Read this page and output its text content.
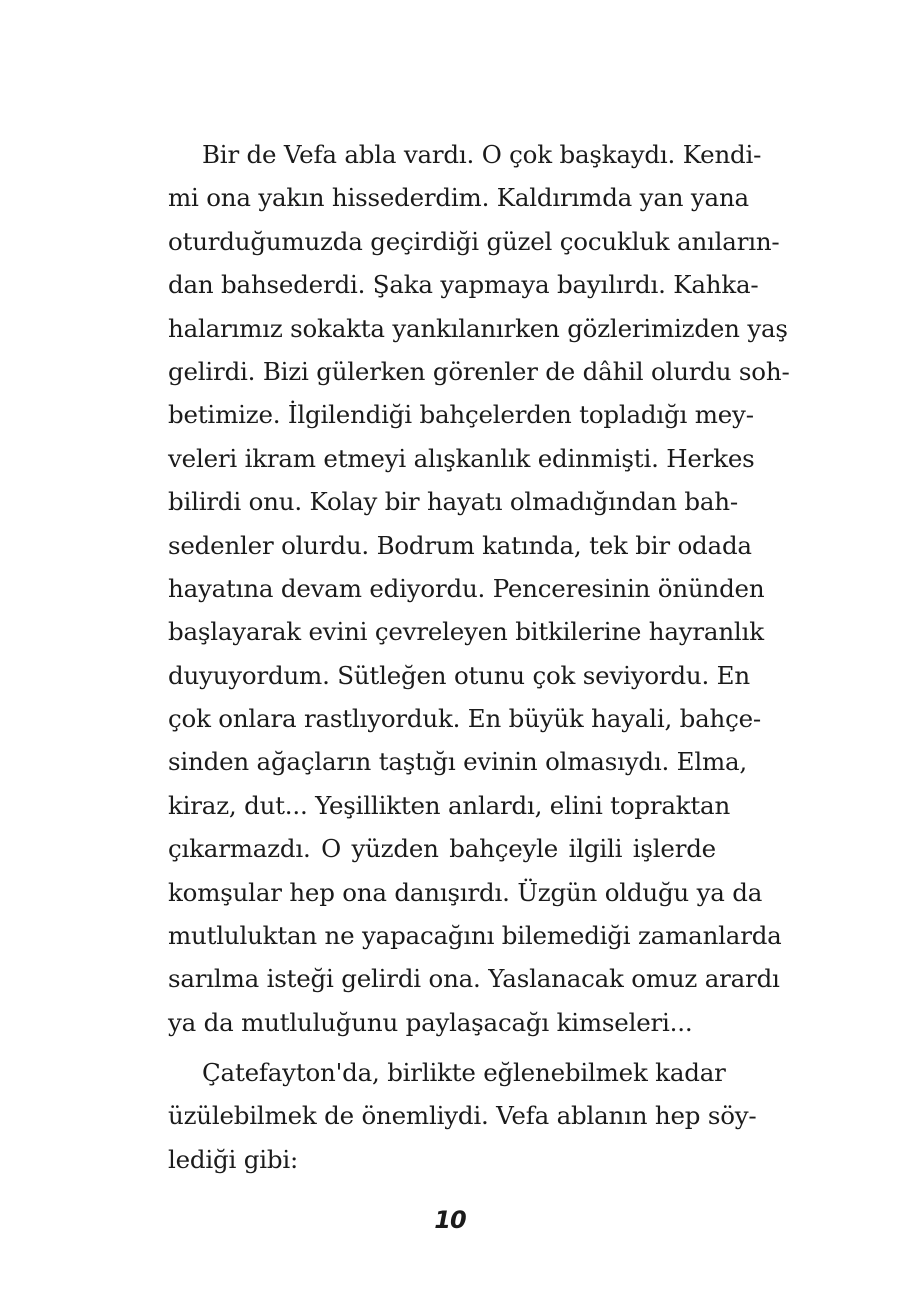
Bir de Vefa abla vardı. O çok başkaydı. Kendi-
mi ona yakın hissederdim. Kaldırımda yan yana
oturduğumuzda geçirdiği güzel çocukluk anıların-
dan bahsederdi. Şaka yapmaya bayılırdı. Kahka-
halarımız sokakta yankılanırken gözlerimizden yaş
gelirdi. Bizi gülerken görenler de dâhil olurdu soh-
betimize. İlgilendiği bahçelerden topladığı mey-
veleri ikram etmeyi alışkanlık edinmişti. Herkes
bilirdi onu. Kolay bir hayatı olmadığından bah-
sedenler olurdu. Bodrum katında, tek bir odada
hayatına devam ediyordu. Penceresinin önünden
başlayarak evini çevreleyen bitkilerine hayranlık
duyuyordum. Sütleğen otunu çok seviyordu. En
çok onlara rastlıyorduk. En büyük hayali, bahçe-
sinden ağaçların taştığı evinin olmasıydı. Elma,
kiraz, dut... Yeşillikten anlardı, elini topraktan
çıkarmazdı. O yüzden bahçeyle ilgili işlerde
komşular hep ona danışırdı. Üzgün olduğu ya da
mutluluktan ne yapacağını bilemediği zamanlarda
sarılma isteği gelirdi ona. Yaslanacak omuz arardı
ya da mutluluğunu paylaşacağı kimseleri...
Çatefayton'da, birlikte eğlenebilmek kadar
üzülebilmek de önemliydi. Vefa ablanın hep söy-
lediği gibi:
10
